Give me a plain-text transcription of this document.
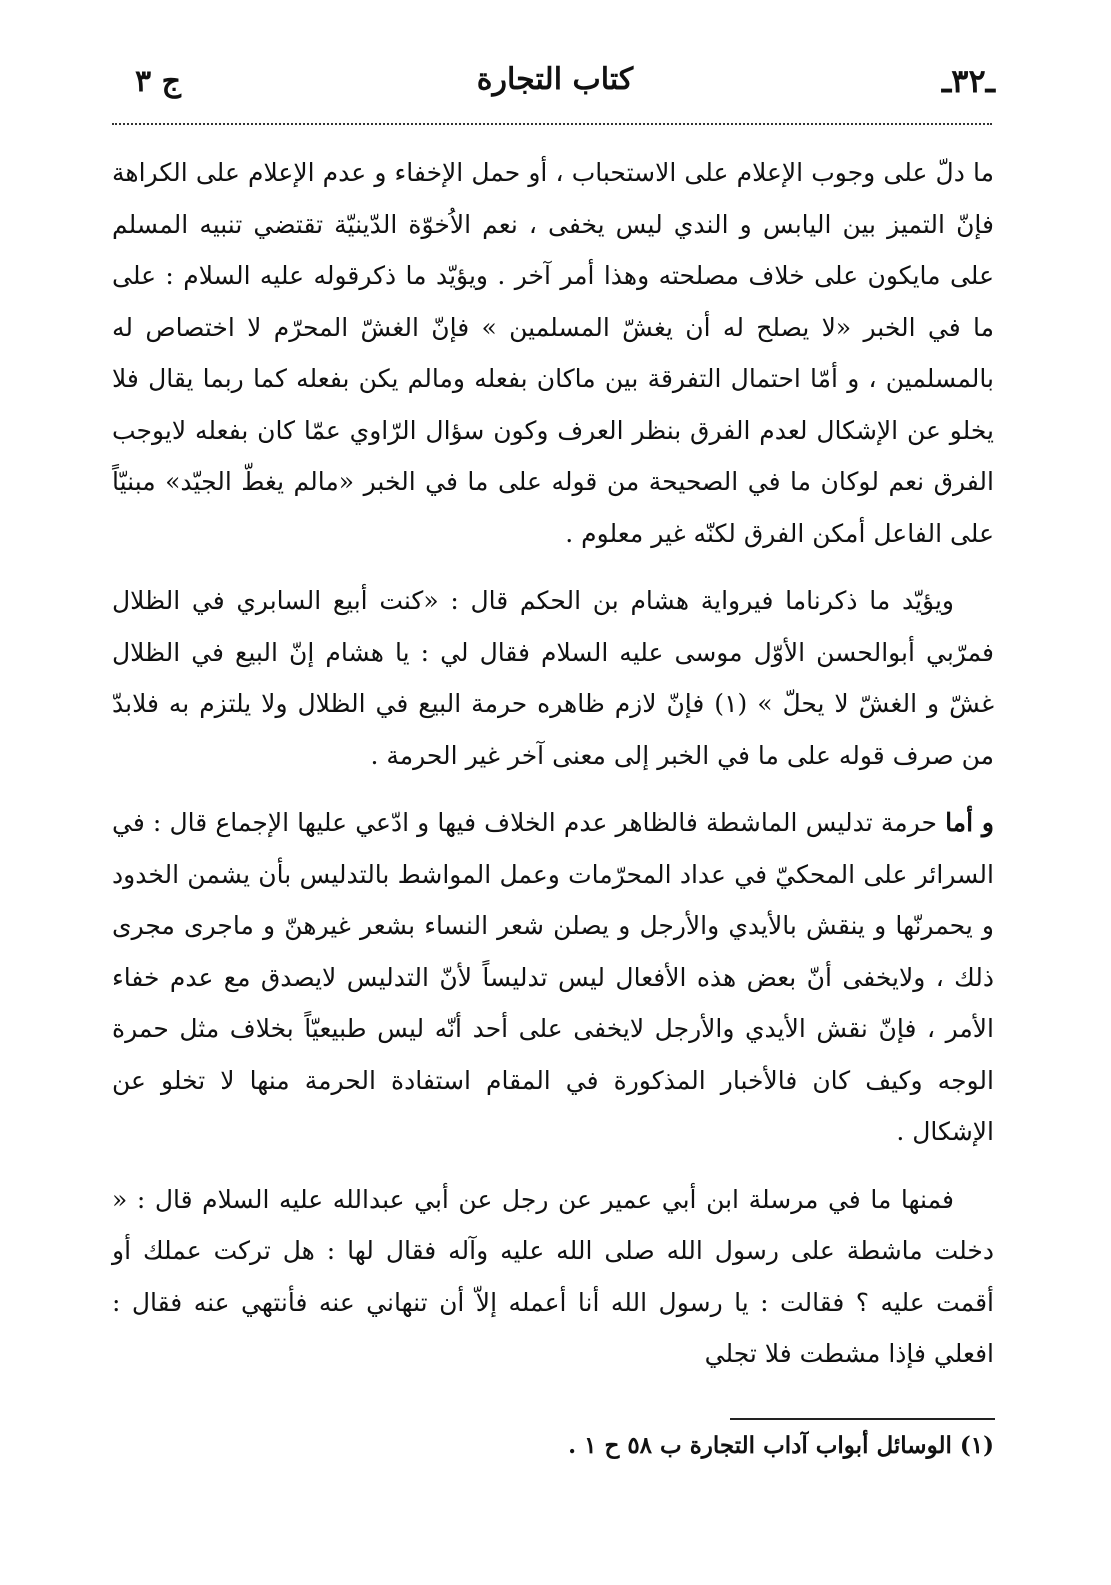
ـ٣٢ـ
كتاب التجارة
ج ٣

ما دلّ على وجوب الإعلام على الاستحباب ، أو حمل الإخفاء و عدم الإعلام على الكراهة فإنّ التميز بين اليابس و الندي ليس يخفى ، نعم الاُخوّة الدّينيّة تقتضي تنبيه المسلم على مايكون على خلاف مصلحته وهذا أمر آخر . ويؤيّد ما ذكرقوله عليه السلام : على ما في الخبر «لا يصلح له أن يغشّ المسلمين » فإنّ الغشّ المحرّم لا اختصاص له بالمسلمين ، و أمّا احتمال التفرقة بين ماكان بفعله ومالم يكن بفعله كما ربما يقال فلا يخلو عن الإشكال لعدم الفرق بنظر العرف وكون سؤال الرّاوي عمّا كان بفعله لايوجب الفرق نعم لوكان ما في الصحيحة من قوله على ما في الخبر «مالم يغطّ الجيّد» مبنيّاً على الفاعل أمكن الفرق لكنّه غير معلوم .

ويؤيّد ما ذكرناما فيرواية هشام بن الحكم قال : «كنت أبيع السابري في الظلال فمرّبي أبوالحسن الأوّل موسى عليه السلام فقال لي : يا هشام إنّ البيع في الظلال غشّ و الغشّ لا يحلّ » (١) فإنّ لازم ظاهره حرمة البيع في الظلال ولا يلتزم به فلابدّ من صرف قوله على ما في الخبر إلى معنى آخر غير الحرمة .

و أما حرمة تدليس الماشطة فالظاهر عدم الخلاف فيها و ادّعي عليها الإجماع قال : في السرائر على المحكيّ في عداد المحرّمات وعمل المواشط بالتدليس بأن يشمن الخدود و يحمرنّها و ينقش بالأيدي والأرجل و يصلن شعر النساء بشعر غيرهنّ و ماجرى مجرى ذلك ، ولايخفى أنّ بعض هذه الأفعال ليس تدليساً لأنّ التدليس لايصدق مع عدم خفاء الأمر ، فإنّ نقش الأيدي والأرجل لايخفى على أحد أنّه ليس طبيعيّاً بخلاف مثل حمرة الوجه وكيف كان فالأخبار المذكورة في المقام استفادة الحرمة منها لا تخلو عن الإشكال .

فمنها ما في مرسلة ابن أبي عمير عن رجل عن أبي عبدالله عليه السلام قال : « دخلت ماشطة على رسول الله صلى الله عليه وآله فقال لها : هل تركت عملك أو أقمت عليه ؟ فقالت : يا رسول الله أنا أعمله إلاّ أن تنهاني عنه فأنتهي عنه فقال : افعلي فإذا مشطت فلا تجلي

(١) الوسائل أبواب آداب التجارة ب ٥٨ ح ١ .
